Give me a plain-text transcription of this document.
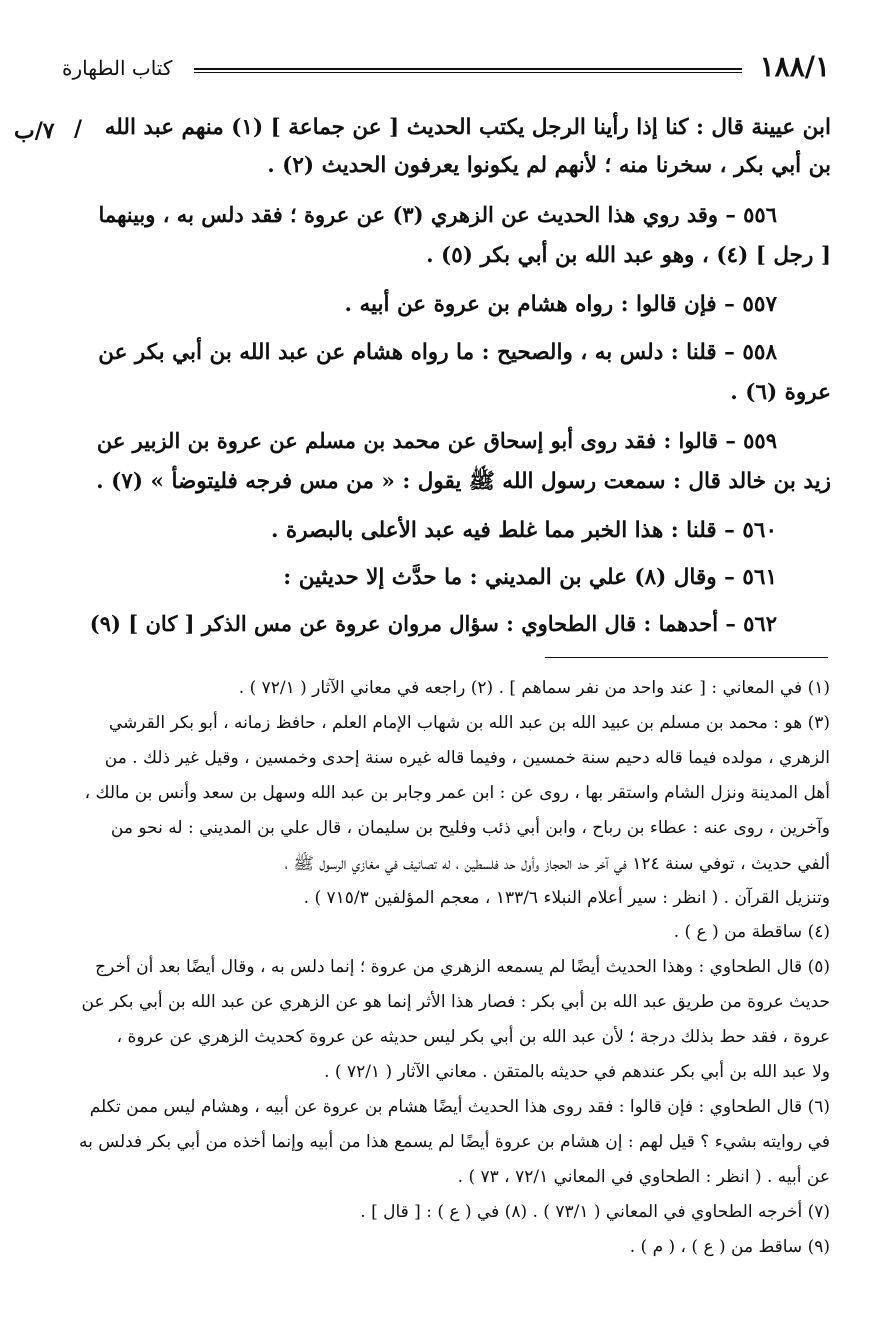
١٨٨/١
كتاب الطهارة
٧/ب / ابن عيينة قال : كنا إذا رأينا الرجل يكتب الحديث [ عن جماعة ] (١) منهم عبد الله
بن أبي بكر ، سخرنا منه ؛ لأنهم لم يكونوا يعرفون الحديث (٢) .
٥٥٦ – وقد روي هذا الحديث عن الزهري (٣) عن عروة ؛ فقد دلس به ، وبينهما
[ رجل ] (٤) ، وهو عبد الله بن أبي بكر (٥) .
٥٥٧ – فإن قالوا : رواه هشام بن عروة عن أبيه .
٥٥٨ – قلنا : دلس به ، والصحيح : ما رواه هشام عن عبد الله بن أبي بكر عن
عروة (٦) .
٥٥٩ – قالوا : فقد روى أبو إسحاق عن محمد بن مسلم عن عروة بن الزبير عن
زيد بن خالد قال : سمعت رسول الله ﷺ يقول : « من مس فرجه فليتوضأ » (٧) .
٥٦٠ – قلنا : هذا الخبر مما غلط فيه عبد الأعلى بالبصرة .
٥٦١ – وقال (٨) علي بن المديني : ما حدَّث إلا حديثين :
٥٦٢ – أحدهما : قال الطحاوي : سؤال مروان عروة عن مس الذكر [ كان ] (٩)
(١) في المعاني : [ عند واحد من نفر سماهم ] . (٢) راجعه في معاني الآثار ( ٧٢/١ ) .
(٣) هو : محمد بن مسلم بن عبيد الله بن عبد الله بن شهاب الإمام العلم ، حافظ زمانه ، أبو بكر القرشي
الزهري ، مولده فيما قاله دحيم سنة خمسين ، وفيما قاله غيره سنة إحدى وخمسين ، وقيل غير ذلك . من
أهل المدينة ونزل الشام واستقر بها ، روى عن : ابن عمر وجابر بن عبد الله وسهل بن سعد وأنس بن مالك ،
وآخرين ، روى عنه : عطاء بن رباح ، وابن أبي ذئب وفليح بن سليمان ، قال علي بن المديني : له نحو من
ألفي حديث ، توفي سنة ١٢٤ في آخر حد الحجاز وأول حد فلسطين ، له تصانيف في مغازي الرسول ﷺ ،
وتنزيل القرآن . ( انظر : سير أعلام النبلاء ١٣٣/٦ ، معجم المؤلفين ٧١٥/٣ ) .
(٤) ساقطة من ( ع ) .
(٥) قال الطحاوي : وهذا الحديث أيضًا لم يسمعه الزهري من عروة ؛ إنما دلس به ، وقال أيضًا بعد أن أخرج
حديث عروة من طريق عبد الله بن أبي بكر : فصار هذا الأثر إنما هو عن الزهري عن عبد الله بن أبي بكر عن
عروة ، فقد حط بذلك درجة ؛ لأن عبد الله بن أبي بكر ليس حديثه عن عروة كحديث الزهري عن عروة ،
ولا عبد الله بن أبي بكر عندهم في حديثه بالمتقن . معاني الآثار ( ٧٢/١ ) .
(٦) قال الطحاوي : فإن قالوا : فقد روى هذا الحديث أيضًا هشام بن عروة عن أبيه ، وهشام ليس ممن تكلم
في روايته بشيء ؟ قيل لهم : إن هشام بن عروة أيضًا لم يسمع هذا من أبيه وإنما أخذه من أبي بكر فدلس به
عن أبيه . ( انظر : الطحاوي في المعاني ٧٢/١ ، ٧٣ ) .
(٧) أخرجه الطحاوي في المعاني ( ٧٣/١ ) . (٨) في ( ع ) : [ قال ] .
(٩) ساقط من ( ع ) ، ( م ) .
